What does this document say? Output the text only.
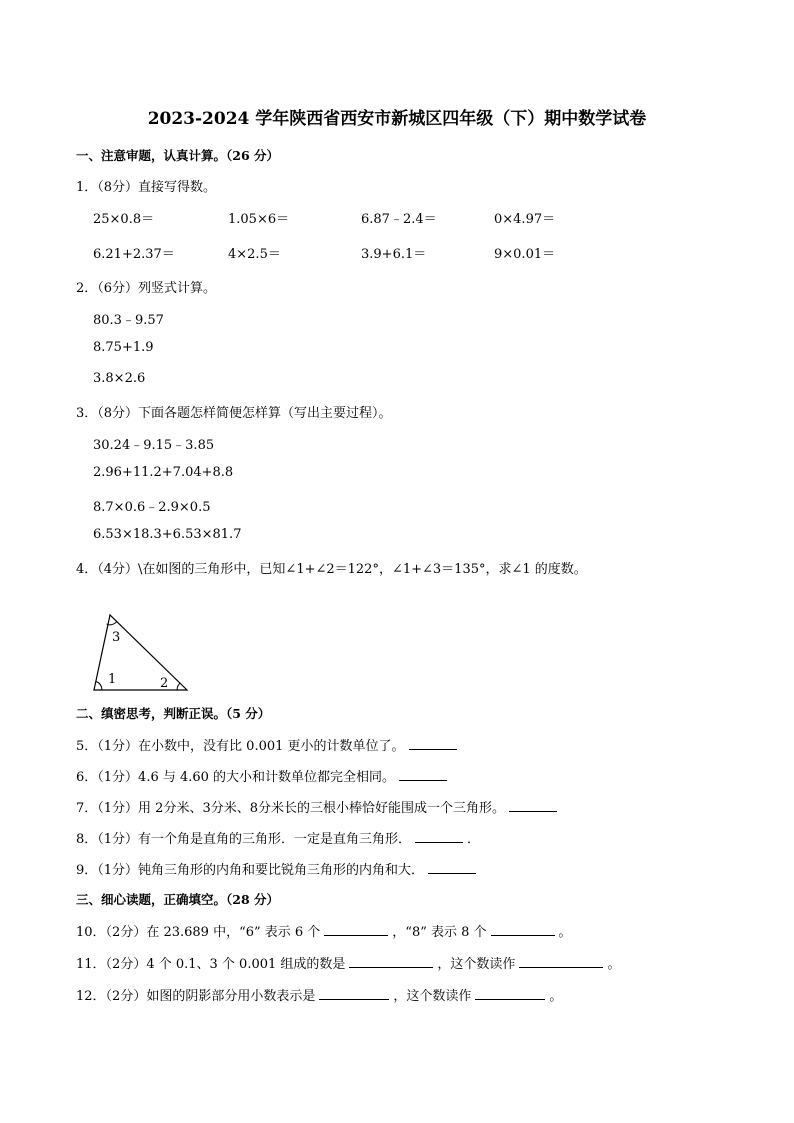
2023-2024 学年陕西省西安市新城区四年级（下）期中数学试卷
一、注意审题，认真计算。（26 分）
1．（8分）直接写得数。
25×0.8＝	1.05×6＝	6.87﹣2.4＝	0×4.97＝
6.21+2.37＝	4×2.5＝	3.9+6.1＝	9×0.01＝
2．（6分）列竖式计算。
80.3﹣9.57
8.75+1.9
3.8×2.6
3．（8分）下面各题怎样简便怎样算（写出主要过程）。
30.24﹣9.15﹣3.85
2.96+11.2+7.04+8.8
8.7×0.6﹣2.9×0.5
6.53×18.3+6.53×81.7
4．（4分）\在如图的三角形中，已知∠1+∠2＝122°，∠1+∠3＝135°，求∠1 的度数。
3
1	2
二、缜密思考，判断正误。（5 分）
5．（1分）在小数中，没有比 0.001 更小的计数单位了。
6．（1分）4.6 与 4.60 的大小和计数单位都完全相同。
7．（1分）用 2分米、3分米、8分米长的三根小棒恰好能围成一个三角形。
8．（1分）有一个角是直角的三角形．一定是直角三角形．	．
9．（1分）钝角三角形的内角和要比锐角三角形的内角和大．
三、细心读题，正确填空。（28 分）
10．（2分）在 23.689 中，“6” 表示 6 个	，“8” 表示 8 个	。
11．（2分）4 个 0.1、3 个 0.001 组成的数是	，这个数读作	。
12．（2分）如图的阴影部分用小数表示是	，这个数读作	。
